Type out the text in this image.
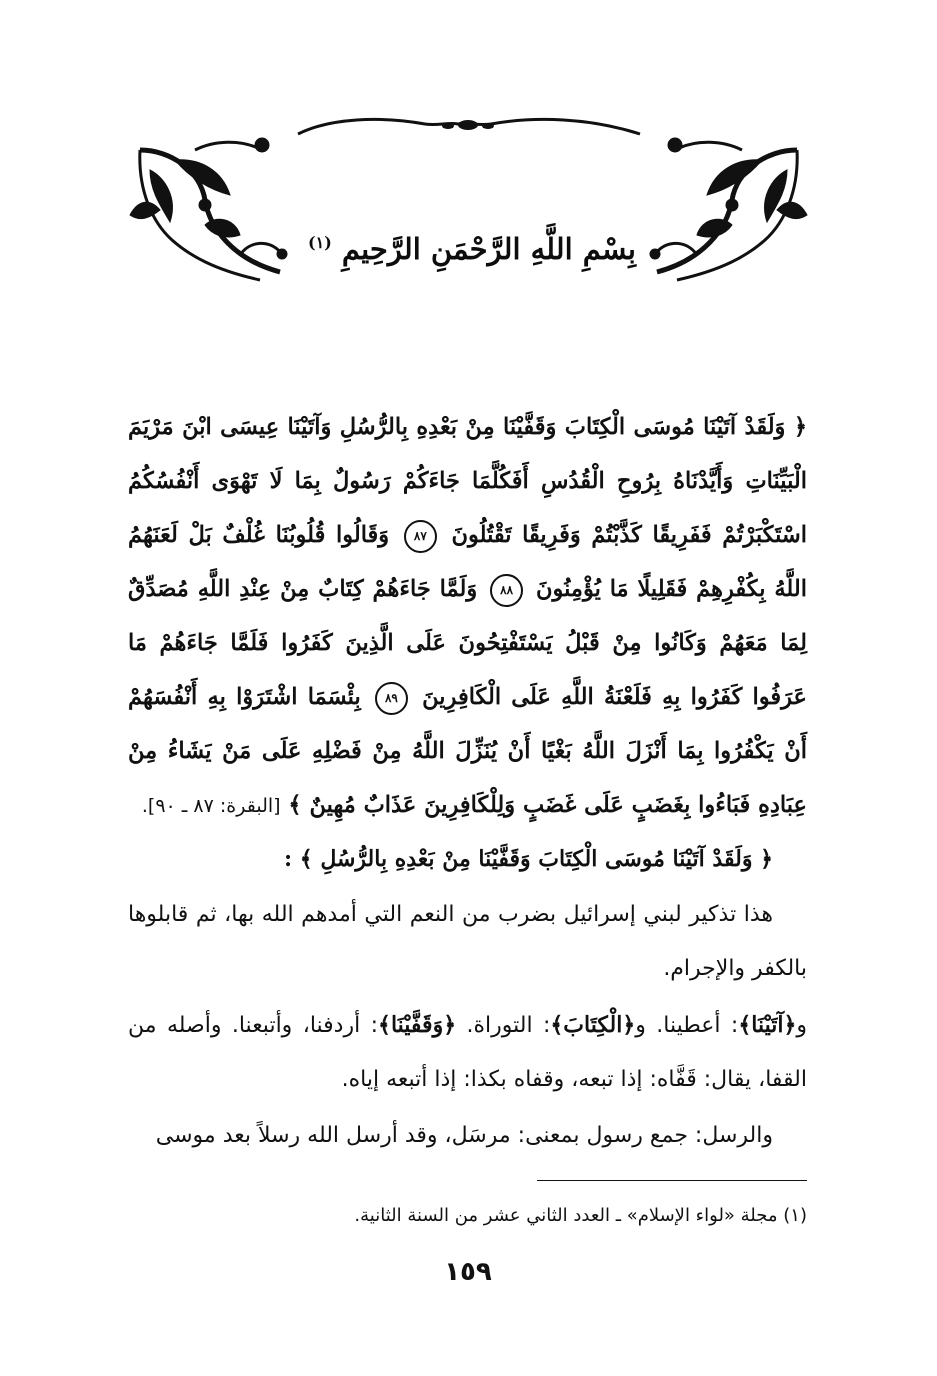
بِسْمِ اللَّهِ الرَّحْمَنِ الرَّحِيمِ $^{(١)}$
﴿ وَلَقَدْ آتَيْنَا مُوسَى الْكِتَابَ وَقَفَّيْنَا مِنْ بَعْدِهِ بِالرُّسُلِ وَآتَيْنَا عِيسَى ابْنَ مَرْيَمَ الْبَيِّنَاتِ وَأَيَّدْنَاهُ بِرُوحِ الْقُدُسِ أَفَكُلَّمَا جَاءَكُمْ رَسُولٌ بِمَا لَا تَهْوَى أَنْفُسُكُمُ اسْتَكْبَرْتُمْ فَفَرِيقًا كَذَّبْتُمْ وَفَرِيقًا تَقْتُلُونَ ٨٧ وَقَالُوا قُلُوبُنَا غُلْفٌ بَلْ لَعَنَهُمُ اللَّهُ بِكُفْرِهِمْ فَقَلِيلًا مَا يُؤْمِنُونَ ٨٨ وَلَمَّا جَاءَهُمْ كِتَابٌ مِنْ عِنْدِ اللَّهِ مُصَدِّقٌ لِمَا مَعَهُمْ وَكَانُوا مِنْ قَبْلُ يَسْتَفْتِحُونَ عَلَى الَّذِينَ كَفَرُوا فَلَمَّا جَاءَهُمْ مَا عَرَفُوا كَفَرُوا بِهِ فَلَعْنَةُ اللَّهِ عَلَى الْكَافِرِينَ ٨٩ بِئْسَمَا اشْتَرَوْا بِهِ أَنْفُسَهُمْ أَنْ يَكْفُرُوا بِمَا أَنْزَلَ اللَّهُ بَغْيًا أَنْ يُنَزِّلَ اللَّهُ مِنْ فَضْلِهِ عَلَى مَنْ يَشَاءُ مِنْ عِبَادِهِ فَبَاءُوا بِغَضَبٍ عَلَى غَضَبٍ وَلِلْكَافِرِينَ عَذَابٌ مُهِينٌ ﴾ [البقرة: ٨٧ ـ ٩٠].

﴿ وَلَقَدْ آتَيْنَا مُوسَى الْكِتَابَ وَقَفَّيْنَا مِنْ بَعْدِهِ بِالرُّسُلِ ﴾ :

هذا تذكير لبني إسرائيل بضرب من النعم التي أمدهم الله بها، ثم قابلوها بالكفر والإجرام.

و﴿آتَيْنَا﴾: أعطينا. و﴿الْكِتَابَ﴾: التوراة. ﴿وَقَفَّيْنَا﴾: أردفنا، وأتبعنا. وأصله من القفا، يقال: قَفَّاه: إذا تبعه، وقفاه بكذا: إذا أتبعه إياه.

والرسل: جمع رسول بمعنى: مرسَل، وقد أرسل الله رسلاً بعد موسى

(١) مجلة «لواء الإسلام» ـ العدد الثاني عشر من السنة الثانية.
١٥٩
